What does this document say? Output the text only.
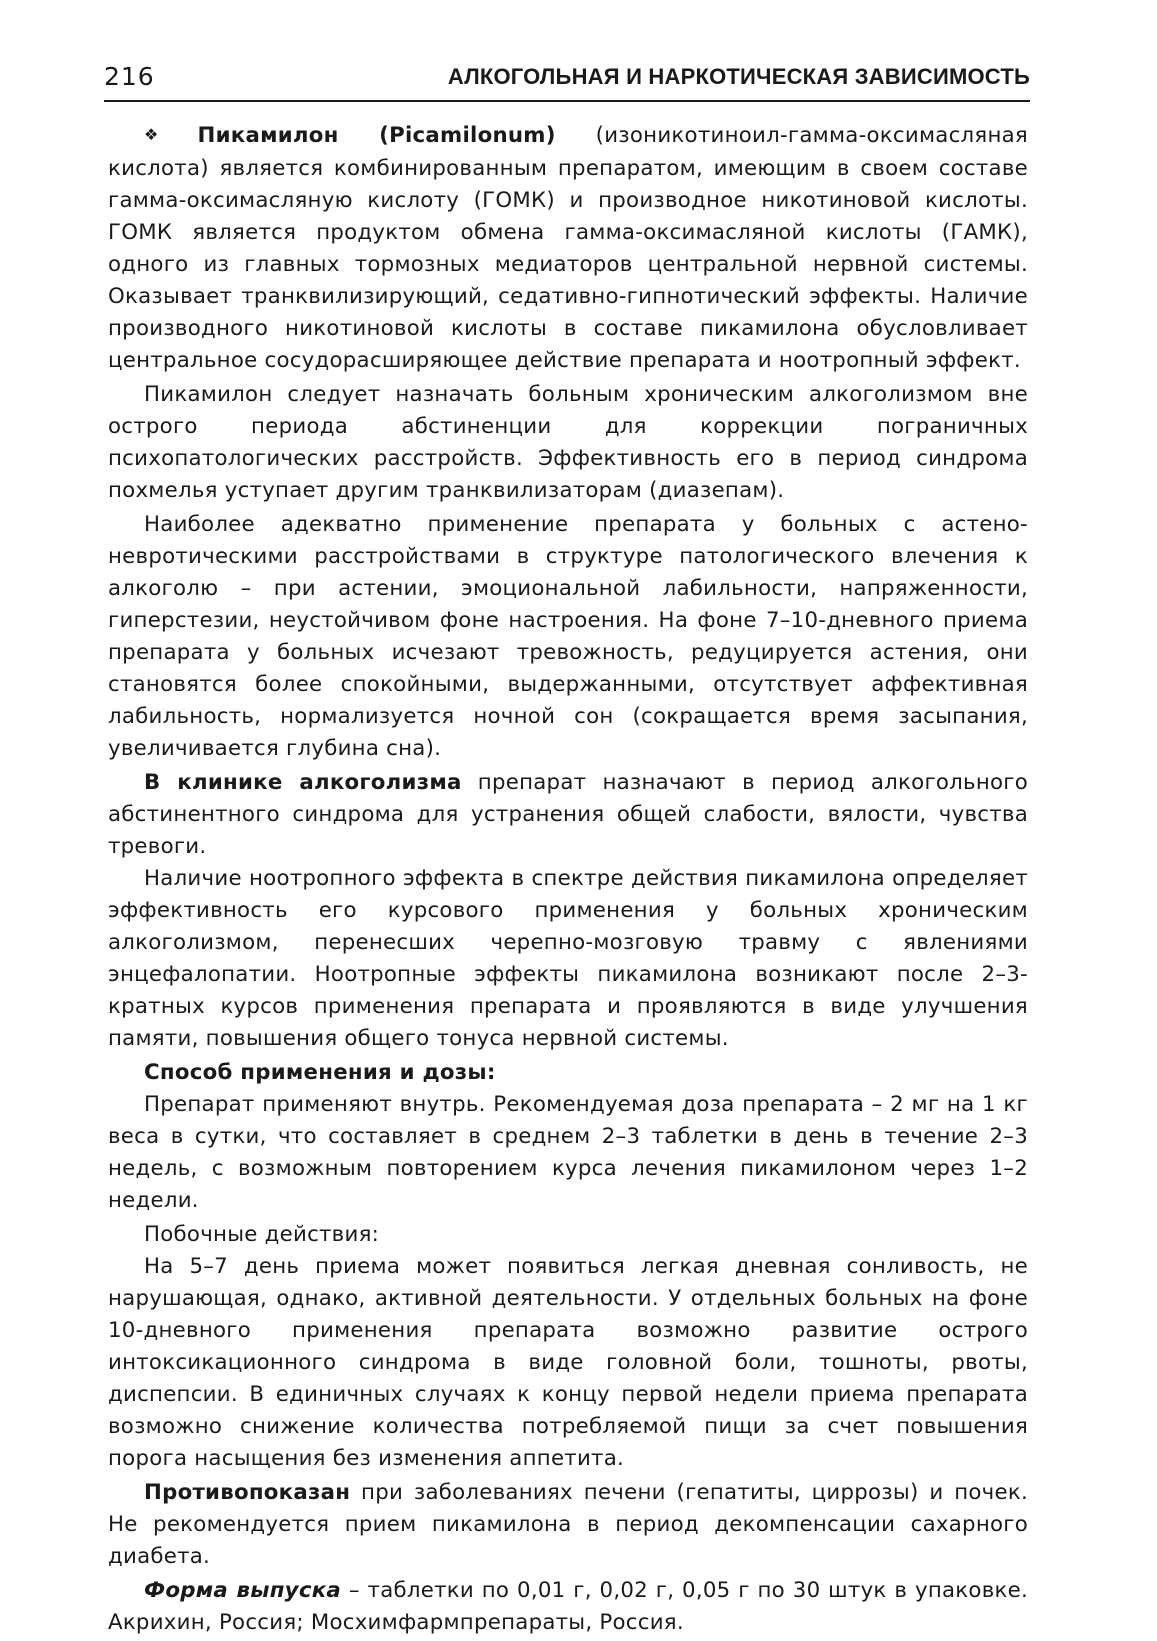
216	АЛКОГОЛЬНАЯ И НАРКОТИЧЕСКАЯ ЗАВИСИМОСТЬ

❖ Пикамилон (Picamilonum) (изоникотиноил-гамма-оксимасляная кислота) является комбинированным препаратом, имеющим в своем составе гамма-оксимасляную кислоту (ГОМК) и производное никотиновой кислоты. ГОМК является продуктом обмена гамма-оксимасляной кислоты (ГАМК), одного из главных тормозных медиаторов центральной нервной системы. Оказывает транквилизирующий, седативно-гипнотический эффекты. Наличие производного никотиновой кислоты в составе пикамилона обусловливает центральное сосудорасширяющее действие препарата и ноотропный эффект.

Пикамилон следует назначать больным хроническим алкоголизмом вне острого периода абстиненции для коррекции пограничных психопатологических расстройств. Эффективность его в период синдрома похмелья уступает другим транквилизаторам (диазепам).

Наиболее адекватно применение препарата у больных с астено-невротическими расстройствами в структуре патологического влечения к алкоголю – при астении, эмоциональной лабильности, напряженности, гиперстезии, неустойчивом фоне настроения. На фоне 7–10-дневного приема препарата у больных исчезают тревожность, редуцируется астения, они становятся более спокойными, выдержанными, отсутствует аффективная лабильность, нормализуется ночной сон (сокращается время засыпания, увеличивается глубина сна).

В клинике алкоголизма препарат назначают в период алкогольного абстинентного синдрома для устранения общей слабости, вялости, чувства тревоги.

Наличие ноотропного эффекта в спектре действия пикамилона определяет эффективность его курсового применения у больных хроническим алкоголизмом, перенесших черепно-мозговую травму с явлениями энцефалопатии. Ноотропные эффекты пикамилона возникают после 2–3-кратных курсов применения препарата и проявляются в виде улучшения памяти, повышения общего тонуса нервной системы.

Способ применения и дозы:

Препарат применяют внутрь. Рекомендуемая доза препарата – 2 мг на 1 кг веса в сутки, что составляет в среднем 2–3 таблетки в день в течение 2–3 недель, с возможным повторением курса лечения пикамилоном через 1–2 недели.

Побочные действия:

На 5–7 день приема может появиться легкая дневная сонливость, не нарушающая, однако, активной деятельности. У отдельных больных на фоне 10-дневного применения препарата возможно развитие острого интоксикационного синдрома в виде головной боли, тошноты, рвоты, диспепсии. В единичных случаях к концу первой недели приема препарата возможно снижение количества потребляемой пищи за счет повышения порога насыщения без изменения аппетита.

Противопоказан при заболеваниях печени (гепатиты, циррозы) и почек. Не рекомендуется прием пикамилона в период декомпенсации сахарного диабета.

Форма выпуска – таблетки по 0,01 г, 0,02 г, 0,05 г по 30 штук в упаковке. Акрихин, Россия; Мосхимфармпрепараты, Россия.
